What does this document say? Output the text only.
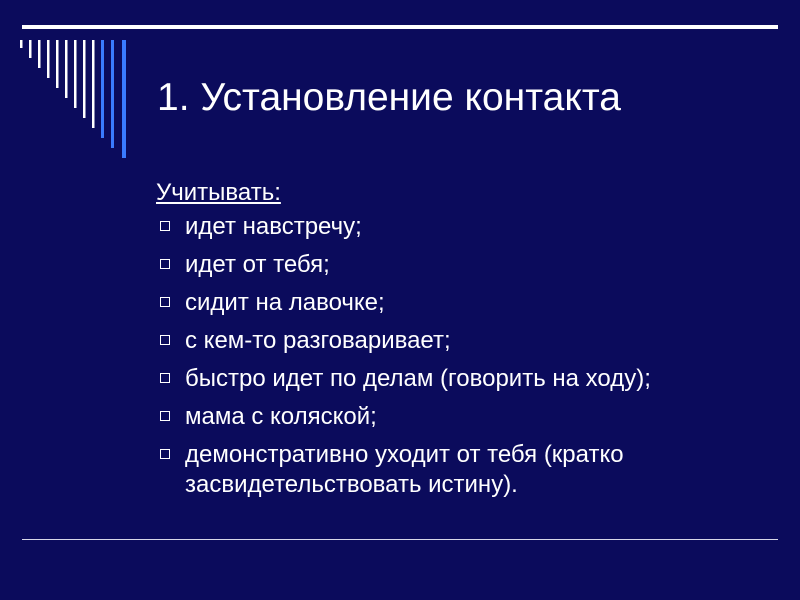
1. Установление контакта
Учитывать:
идет навстречу;
идет от тебя;
сидит на лавочке;
с кем-то разговаривает;
быстро идет по делам (говорить на ходу);
мама с коляской;
демонстративно уходит от тебя (кратко засвидетельствовать истину).
